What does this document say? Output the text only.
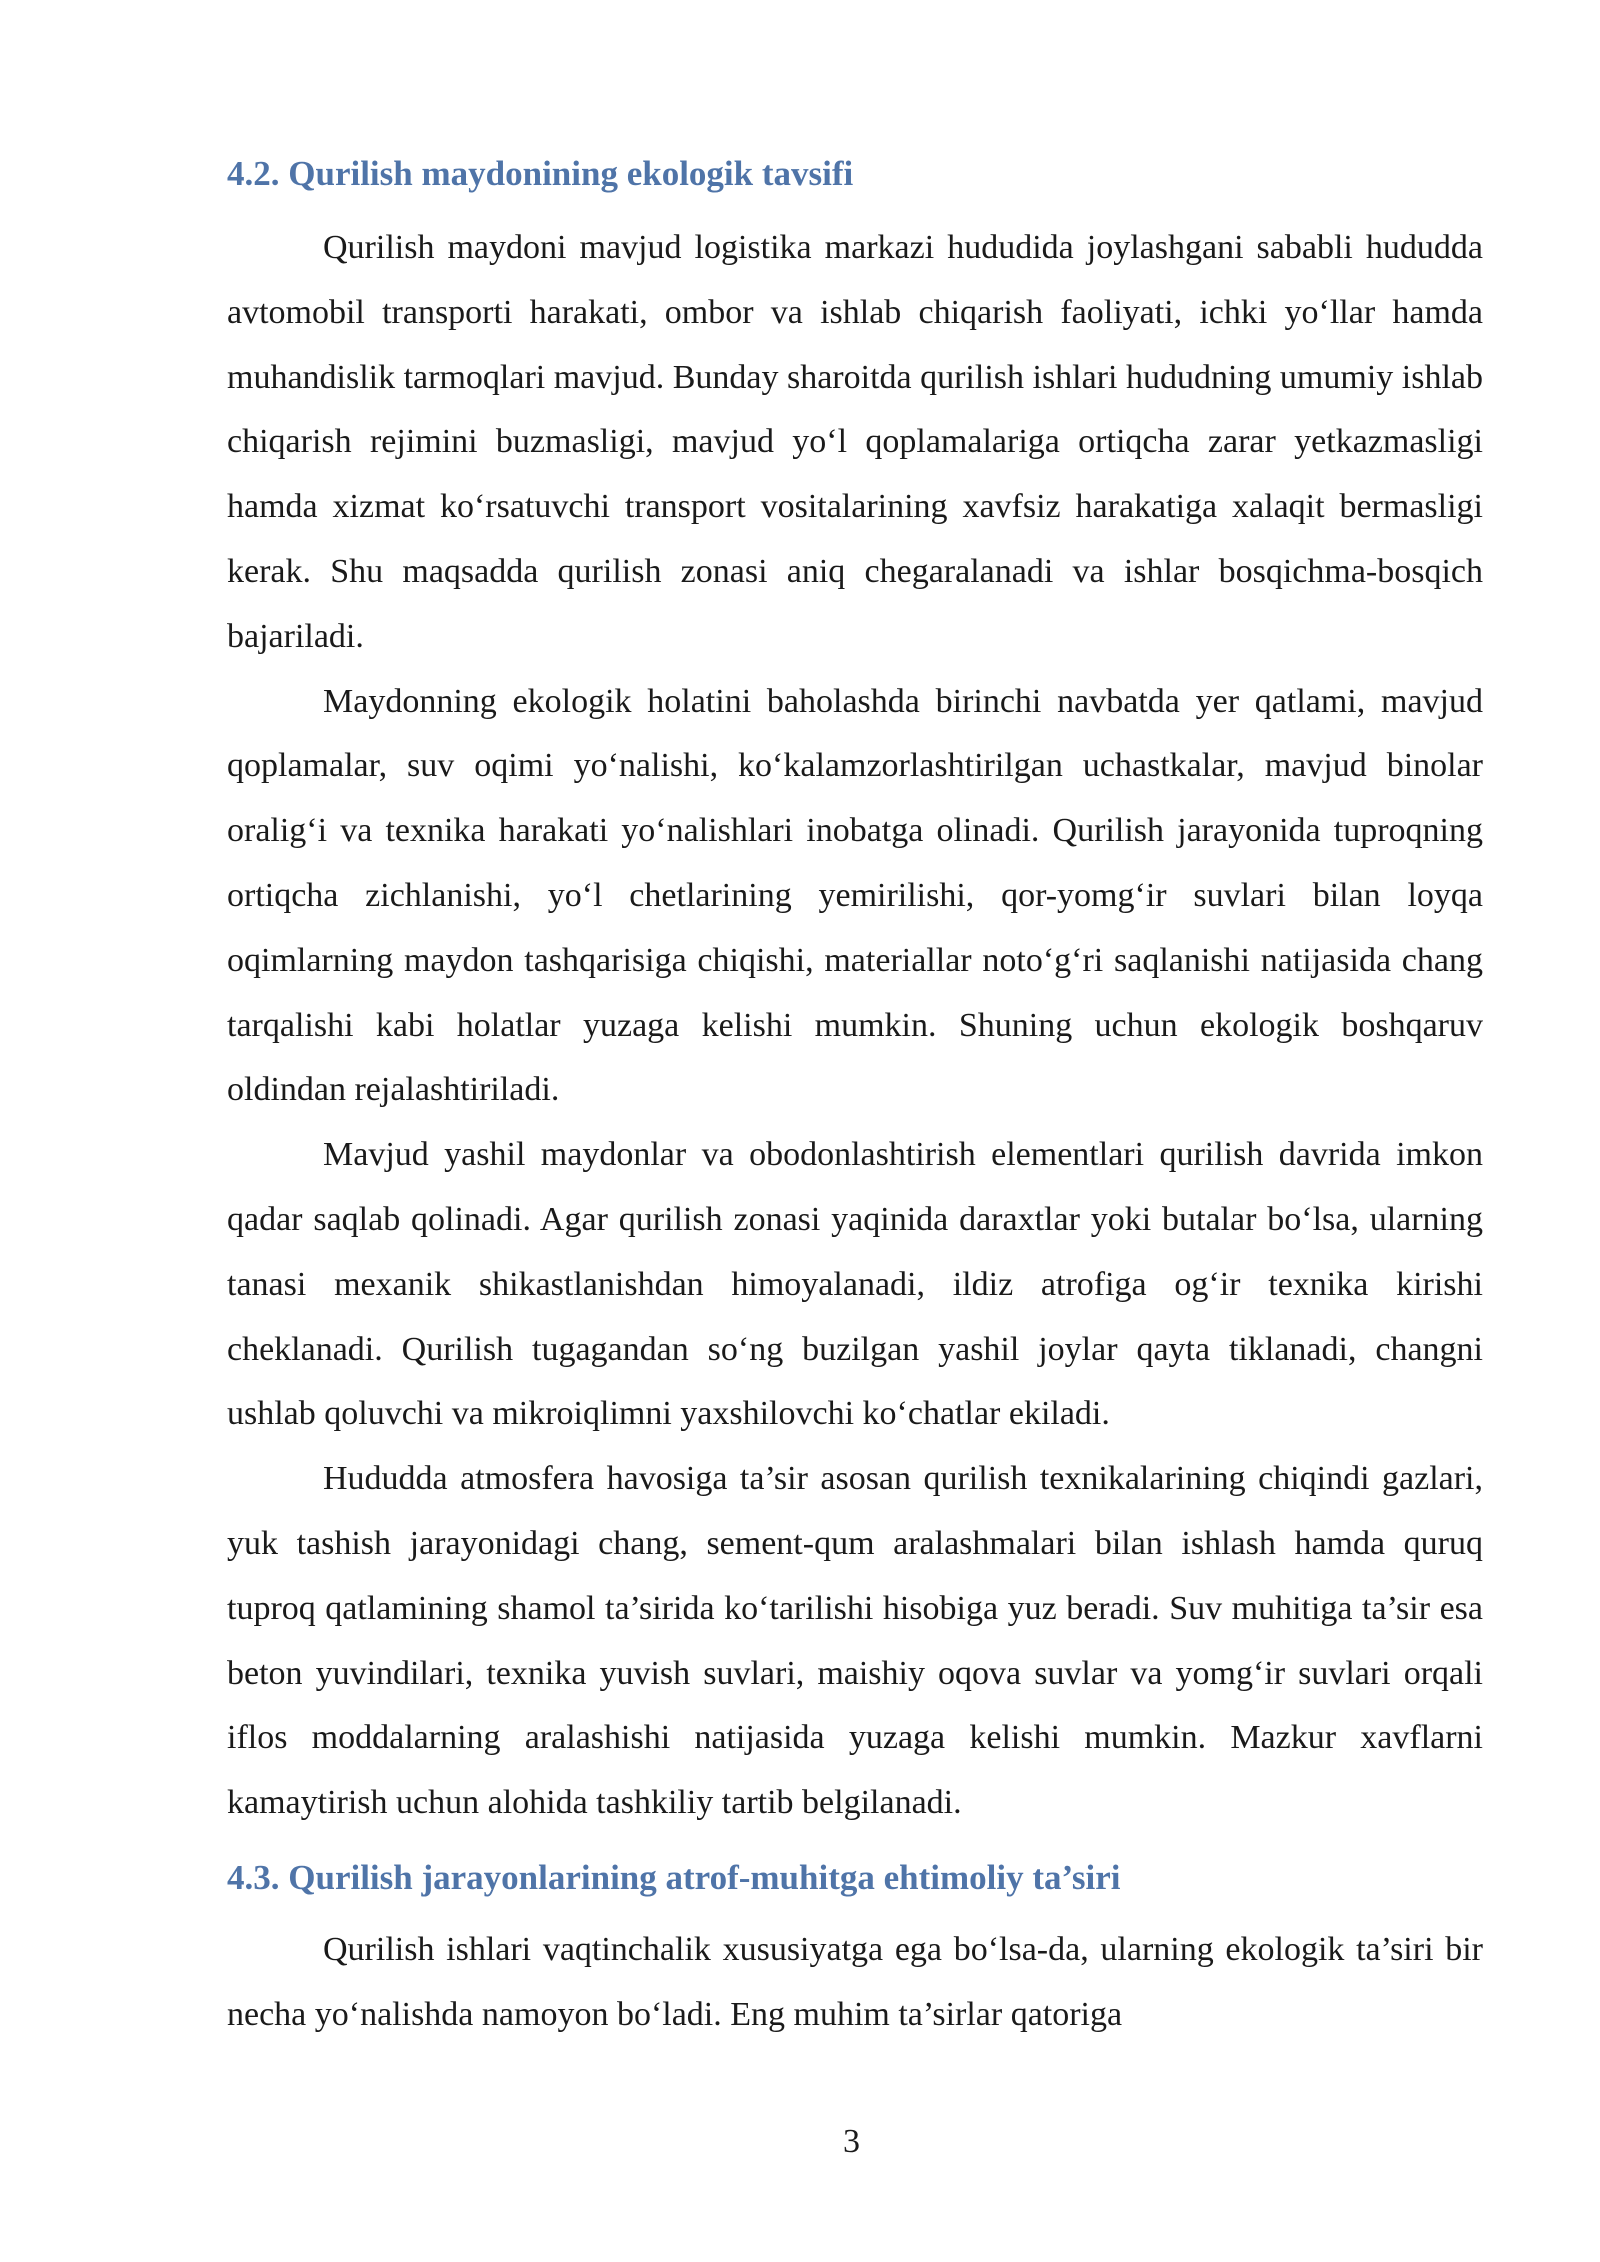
4.2. Qurilish maydonining ekologik tavsifi

Qurilish maydoni mavjud logistika markazi hududida joylashgani sababli hududda avtomobil transporti harakati, ombor va ishlab chiqarish faoliyati, ichki yo‘llar hamda muhandislik tarmoqlari mavjud. Bunday sharoitda qurilish ishlari hududning umumiy ishlab chiqarish rejimini buzmasligi, mavjud yo‘l qoplamalariga ortiqcha zarar yetkazmasligi hamda xizmat ko‘rsatuvchi transport vositalarining xavfsiz harakatiga xalaqit bermasligi kerak. Shu maqsadda qurilish zonasi aniq chegaralanadi va ishlar bosqichma-bosqich bajariladi.

Maydonning ekologik holatini baholashda birinchi navbatda yer qatlami, mavjud qoplamalar, suv oqimi yo‘nalishi, ko‘kalamzorlashtirilgan uchastkalar, mavjud binolar oralig‘i va texnika harakati yo‘nalishlari inobatga olinadi. Qurilish jarayonida tuproqning ortiqcha zichlanishi, yo‘l chetlarining yemirilishi, qor-yomg‘ir suvlari bilan loyqa oqimlarning maydon tashqarisiga chiqishi, materiallar noto‘g‘ri saqlanishi natijasida chang tarqalishi kabi holatlar yuzaga kelishi mumkin. Shuning uchun ekologik boshqaruv oldindan rejalashtiriladi.

Mavjud yashil maydonlar va obodonlashtirish elementlari qurilish davrida imkon qadar saqlab qolinadi. Agar qurilish zonasi yaqinida daraxtlar yoki butalar bo‘lsa, ularning tanasi mexanik shikastlanishdan himoyalanadi, ildiz atrofiga og‘ir texnika kirishi cheklanadi. Qurilish tugagandan so‘ng buzilgan yashil joylar qayta tiklanadi, changni ushlab qoluvchi va mikroiqlimni yaxshilovchi ko‘chatlar ekiladi.

Hududda atmosfera havosiga ta’sir asosan qurilish texnikalarining chiqindi gazlari, yuk tashish jarayonidagi chang, sement-qum aralashmalari bilan ishlash hamda quruq tuproq qatlamining shamol ta’sirida ko‘tarilishi hisobiga yuz beradi. Suv muhitiga ta’sir esa beton yuvindilari, texnika yuvish suvlari, maishiy oqova suvlar va yomg‘ir suvlari orqali iflos moddalarning aralashishi natijasida yuzaga kelishi mumkin. Mazkur xavflarni kamaytirish uchun alohida tashkiliy tartib belgilanadi.

4.3. Qurilish jarayonlarining atrof-muhitga ehtimoliy ta’siri

Qurilish ishlari vaqtinchalik xususiyatga ega bo‘lsa-da, ularning ekologik ta’siri bir necha yo‘nalishda namoyon bo‘ladi. Eng muhim ta’sirlar qatoriga

3
